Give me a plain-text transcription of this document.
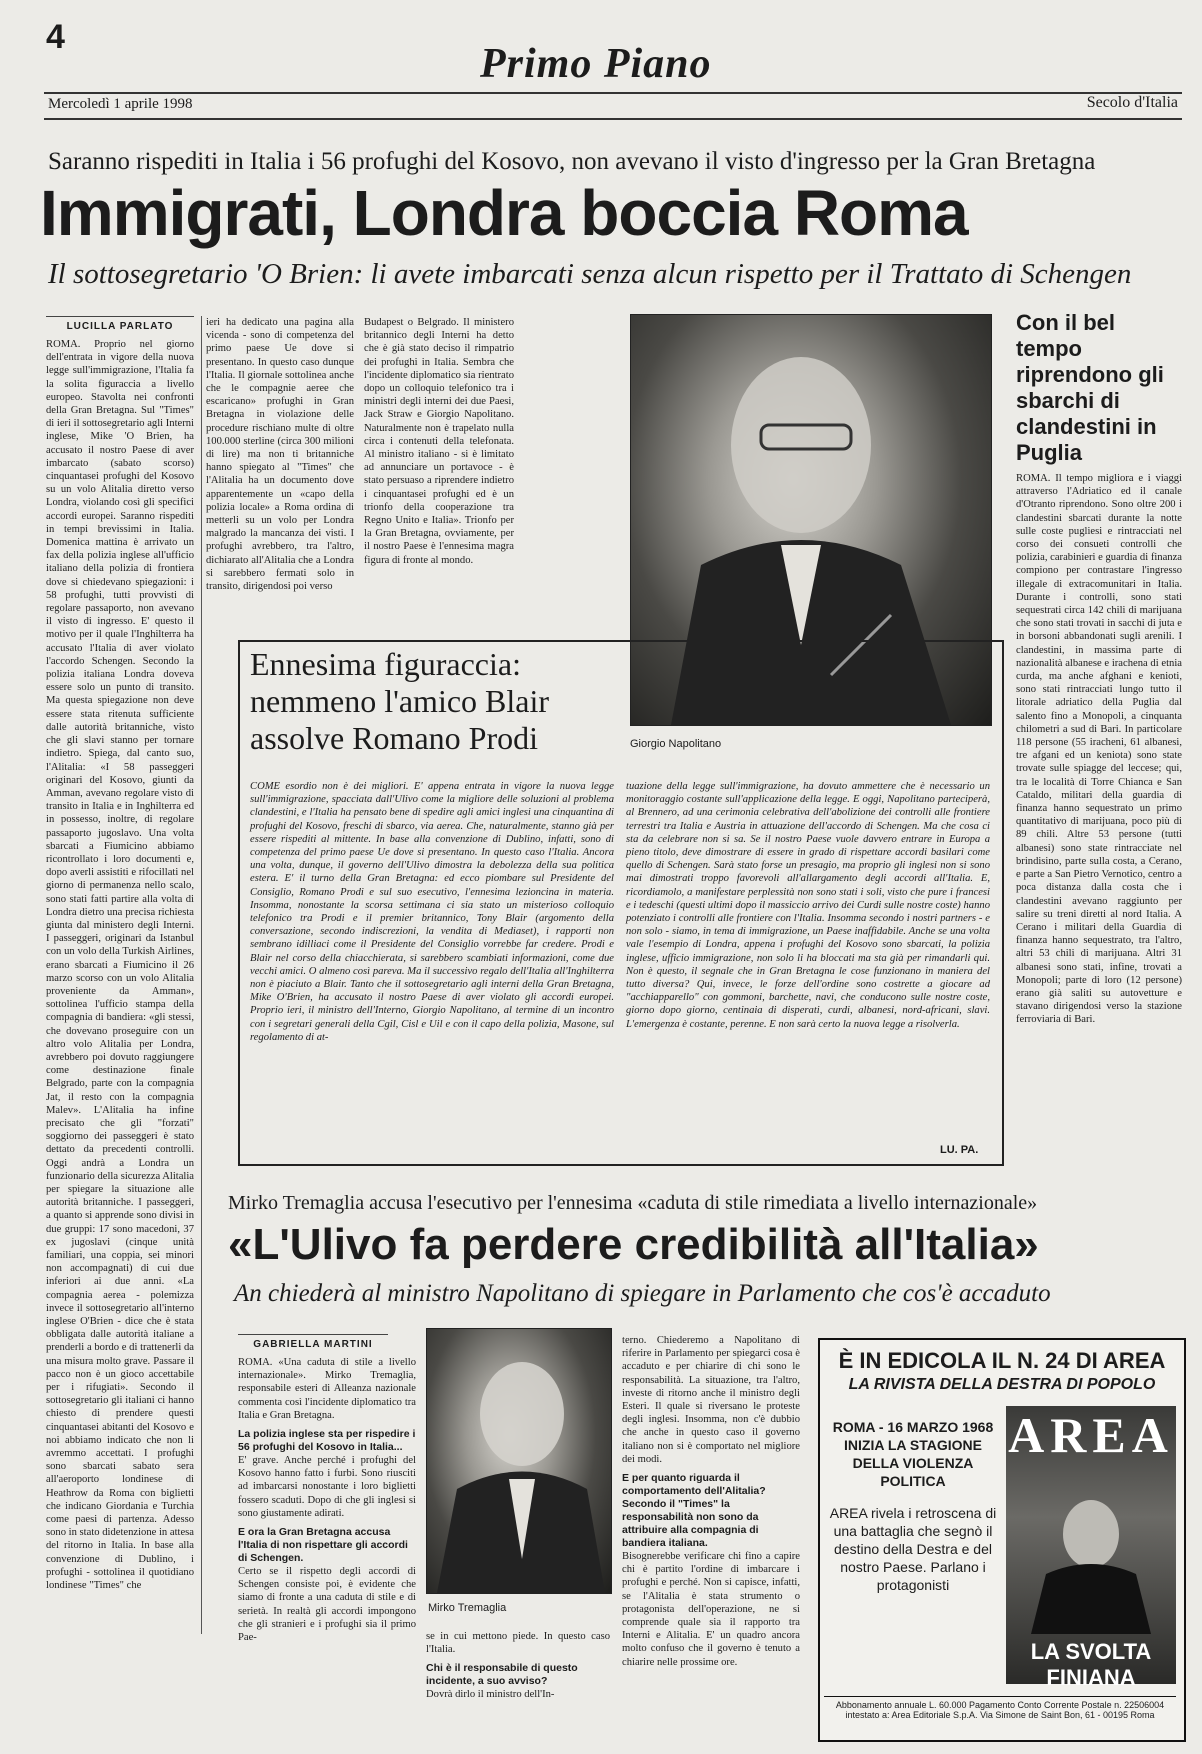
4
Primo Piano
Mercoledì 1 aprile 1998	Secolo d'Italia
Saranno rispediti in Italia i 56 profughi del Kosovo, non avevano il visto d'ingresso per la Gran Bretagna
Immigrati, Londra boccia Roma
Il sottosegretario 'O Brien: li avete imbarcati senza alcun rispetto per il Trattato di Schengen
LUCILLA PARLATO
ROMA. Proprio nel giorno dell'entrata in vigore della nuova legge sull'immigrazione, l'Italia fa la solita figuraccia a livello europeo. Stavolta nei confronti della Gran Bretagna. Sul "Times" di ieri il sottosegretario agli Interni inglese, Mike 'O Brien, ha accusato il nostro Paese di aver imbarcato (sabato scorso) cinquantasei profughi del Kosovo su un volo Alitalia diretto verso Londra, violando così gli specifici accordi europei. Saranno rispediti in tempi brevissimi in Italia. Domenica mattina è arrivato un fax della polizia inglese all'ufficio italiano della polizia di frontiera dove si chiedevano spiegazioni: i 58 profughi, tutti provvisti di regolare passaporto, non avevano il visto di ingresso. E' questo il motivo per il quale l'Inghilterra ha accusato l'Italia di aver violato l'accordo Schengen. Secondo la polizia italiana Londra doveva essere solo un punto di transito. Ma questa spiegazione non deve essere stata ritenuta sufficiente dalle autorità britanniche, visto che gli slavi stanno per tornare indietro. Spiega, dal canto suo, l'Alitalia: «I 58 passeggeri originari del Kosovo, giunti da Amman, avevano regolare visto di transito in Italia e in Inghilterra ed in possesso, inoltre, di regolare passaporto jugoslavo. Una volta sbarcati a Fiumicino abbiamo ricontrollato i loro documenti e, dopo averli assistiti e rifocillati nel giorno di permanenza nello scalo, sono stati fatti partire alla volta di Londra dietro una precisa richiesta giunta dal ministero degli Interni. I passeggeri, originari da Istanbul con un volo della Turkish Airlines, erano sbarcati a Fiumicino il 26 marzo scorso con un volo Alitalia proveniente da Amman», sottolinea l'ufficio stampa della compagnia di bandiera: «gli stessi, che dovevano proseguire con un altro volo Alitalia per Londra, avrebbero poi dovuto raggiungere come destinazione finale Belgrado, parte con la compagnia Jat, il resto con la compagnia Malev». L'Alitalia ha infine precisato che gli "forzati" soggiorno dei passeggeri è stato dettato da precedenti controlli. Oggi andrà a Londra un funzionario della sicurezza Alitalia per spiegare la situazione alle autorità britanniche. I passeggeri, a quanto si apprende sono divisi in due gruppi: 17 sono macedoni, 37 ex jugoslavi (cinque unità familiari, una coppia, sei minori non accompagnati) di cui due inferiori ai due anni. «La compagnia aerea - polemizza invece il sottosegretario all'interno inglese O'Brien - dice che è stata obbligata dalle autorità italiane a prenderli a bordo e di trattenerli da una misura molto grave. Passare il pacco non è un gioco accettabile per i rifugiati». Secondo il sottosegretario gli italiani ci hanno chiesto di prendere questi cinquantasei abitanti del Kosovo e noi abbiamo indicato che non li avremmo accettati. I profughi sono sbarcati sabato sera all'aeroporto londinese di Heathrow da Roma con biglietti che indicano Giordania e Turchia come paesi di partenza. Adesso sono in stato didetenzione in attesa del ritorno in Italia. In base alla convenzione di Dublino, i profughi - sottolinea il quotidiano londinese "Times" che
ieri ha dedicato una pagina alla vicenda - sono di competenza del primo paese Ue dove si presentano. In questo caso dunque l'Italia. Il giornale sottolinea anche che le compagnie aeree che escaricano» profughi in Gran Bretagna in violazione delle procedure rischiano multe di oltre 100.000 sterline (circa 300 milioni di lire) ma non ti britanniche hanno spiegato al "Times" che l'Alitalia ha un documento dove apparentemente un «capo della polizia locale» a Roma ordina di metterli su un volo per Londra malgrado la mancanza dei visti. I profughi avrebbero, tra l'altro, dichiarato all'Alitalia che a Londra si sarebbero fermati solo in transito, dirigendosi poi verso
Budapest o Belgrado. Il ministero britannico degli Interni ha detto che è già stato deciso il rimpatrio dei profughi in Italia. Sembra che l'incidente diplomatico sia rientrato dopo un colloquio telefonico tra i ministri degli interni dei due Paesi, Jack Straw e Giorgio Napolitano. Naturalmente non è trapelato nulla circa i contenuti della telefonata. Al ministro italiano - si è limitato ad annunciare un portavoce - è stato persuaso a riprendere indietro i cinquantasei profughi ed è un trionfo della cooperazione tra Regno Unito e Italia». Trionfo per la Gran Bretagna, ovviamente, per il nostro Paese è l'ennesima magra figura di fronte al mondo.
Giorgio Napolitano
Con il bel tempo riprendono gli sbarchi di clandestini in Puglia
ROMA. Il tempo migliora e i viaggi attraverso l'Adriatico ed il canale d'Otranto riprendono. Sono oltre 200 i clandestini sbarcati durante la notte sulle coste pugliesi e rintracciati nel corso dei consueti controlli che polizia, carabinieri e guardia di finanza compiono per contrastare l'ingresso illegale di extracomunitari in Italia. Durante i controlli, sono stati sequestrati circa 142 chili di marijuana che sono stati trovati in sacchi di juta e in borsoni abbandonati sugli arenili. I clandestini, in massima parte di nazionalità albanese e irachena di etnia curda, ma anche afghani e kenioti, sono stati rintracciati lungo tutto il litorale adriatico della Puglia dal salento fino a Monopoli, a cinquanta chilometri a sud di Bari. In particolare 118 persone (55 iracheni, 61 albanesi, tre afgani ed un keniota) sono state trovate sulle spiagge del leccese; qui, tra le località di Torre Chianca e San Cataldo, militari della guardia di finanza hanno sequestrato un primo quantitativo di marijuana, poco più di 89 chili. Altre 53 persone (tutti albanesi) sono state rintracciate nel brindisino, parte sulla costa, a Cerano, e parte a San Pietro Vernotico, centro a poca distanza dalla costa che i clandestini avevano raggiunto per salire su treni diretti al nord Italia. A Cerano i militari della Guardia di finanza hanno sequestrato, tra l'altro, altri 53 chili di marijuana. Altri 31 albanesi sono stati, infine, trovati a Monopoli; parte di loro (12 persone) erano già saliti su autovetture e stavano dirigendosi verso la stazione ferroviaria di Bari.
Ennesima figuraccia: nemmeno l'amico Blair assolve Romano Prodi
COME esordio non è dei migliori. E' appena entrata in vigore la nuova legge sull'immigrazione, spacciata dall'Ulivo come la migliore delle soluzioni al problema clandestini, e l'Italia ha pensato bene di spedire agli amici inglesi una cinquantina di profughi del Kosovo, freschi di sbarco, via aerea. Che, naturalmente, stanno già per essere rispediti al mittente. In base alla convenzione di Dublino, infatti, sono di competenza del primo paese Ue dove si presentano. In questo caso l'Italia. Ancora una volta, dunque, il governo dell'Ulivo dimostra la debolezza della sua politica estera. E' il turno della Gran Bretagna: ed ecco piombare sul Presidente del Consiglio, Romano Prodi e sul suo esecutivo, l'ennesima lezioncina in materia. Insomma, nonostante la scorsa settimana ci sia stato un misterioso colloquio telefonico tra Prodi e il premier britannico, Tony Blair (argomento della conversazione, secondo indiscrezioni, la vendita di Mediaset), i rapporti non sembrano idilliaci come il Presidente del Consiglio vorrebbe far credere. Prodi e Blair nel corso della chiacchierata, si sarebbero scambiati informazioni, come due vecchi amici. O almeno così pareva. Ma il successivo regalo dell'Italia all'Inghilterra non è piaciuto a Blair. Tanto che il sottosegretario agli interni della Gran Bretagna, Mike O'Brien, ha accusato il nostro Paese di aver violato gli accordi europei. Proprio ieri, il ministro dell'Interno, Giorgio Napolitano, al termine di un incontro con i segretari generali della Cgil, Cisl e Uil e con il capo della polizia, Masone, sul regolamento di at-
tuazione della legge sull'immigrazione, ha dovuto ammettere che è necessario un monitoraggio costante sull'applicazione della legge. E oggi, Napolitano parteciperà, al Brennero, ad una cerimonia celebrativa dell'abolizione dei controlli alle frontiere terrestri tra Italia e Austria in attuazione dell'accordo di Schengen. Ma che cosa ci sta da celebrare non si sa. Se il nostro Paese vuole davvero entrare in Europa a pieno titolo, deve dimostrare di essere in grado di rispettare accordi basilari come quello di Schengen. Sarà stato forse un presagio, ma proprio gli inglesi non si sono mai dimostrati troppo favorevoli all'allargamento degli accordi all'Italia. E, ricordiamolo, a manifestare perplessità non sono stati i soli, visto che pure i francesi e i tedeschi (questi ultimi dopo il massiccio arrivo dei Curdi sulle nostre coste) hanno potenziato i controlli alle frontiere con l'Italia. Insomma secondo i nostri partners - e non solo - siamo, in tema di immigrazione, un Paese inaffidabile. Anche se una volta vale l'esempio di Londra, appena i profughi del Kosovo sono sbarcati, la polizia inglese, ufficio immigrazione, non solo li ha bloccati ma sta già per rimandarli qui. Non è questo, il segnale che in Gran Bretagna le cose funzionano in maniera del tutto diversa? Qui, invece, le forze dell'ordine sono costrette a giocare ad "acchiapparello" con gommoni, barchette, navi, che conducono sulle nostre coste, giorno dopo giorno, centinaia di disperati, curdi, albanesi, nord-africani, slavi. L'emergenza è costante, perenne. E non sarà certo la nuova legge a risolverla.
LU. PA.
Mirko Tremaglia accusa l'esecutivo per l'ennesima «caduta di stile rimediata a livello internazionale»
«L'Ulivo fa perdere credibilità all'Italia»
An chiederà al ministro Napolitano di spiegare in Parlamento che cos'è accaduto
GABRIELLA MARTINI
ROMA. «Una caduta di stile a livello internazionale». Mirko Tremaglia, responsabile esteri di Alleanza nazionale commenta così l'incidente diplomatico tra Italia e Gran Bretagna.
La polizia inglese sta per rispedire i 56 profughi del Kosovo in Italia...
E' grave. Anche perché i profughi del Kosovo hanno fatto i furbi. Sono riusciti ad imbarcarsi nonostante i loro biglietti fossero scaduti. Dopo di che gli inglesi si sono giustamente adirati.
E ora la Gran Bretagna accusa l'Italia di non rispettare gli accordi di Schengen.
Certo se il rispetto degli accordi di Schengen consiste poi, è evidente che siamo di fronte a una caduta di stile e di serietà. In realtà gli accordi impongono che gli stranieri e i profughi sia il primo Pae-
Mirko Tremaglia
se in cui mettono piede. In questo caso l'Italia.
Chi è il responsabile di questo incidente, a suo avviso?
Dovrà dirlo il ministro dell'In-
terno. Chiederemo a Napolitano di riferire in Parlamento per spiegarci cosa è accaduto e per chiarire di chi sono le responsabilità. La situazione, tra l'altro, investe di ritorno anche il ministro degli Esteri. Il quale si riversano le proteste degli inglesi. Insomma, non c'è dubbio che anche in questo caso il governo italiano non si è comportato nel migliore dei modi.
E per quanto riguarda il comportamento dell'Alitalia? Secondo il "Times" la responsabilità non sono da attribuire alla compagnia di bandiera italiana.
Bisognerebbe verificare chi fino a capire chi è partito l'ordine di imbarcare i profughi e perché. Non si capisce, infatti, se l'Alitalia è stata strumento o protagonista dell'operazione, ne si comprende quale sia il rapporto tra Interni e Alitalia. E' un quadro ancora molto confuso che il governo è tenuto a chiarire nelle prossime ore.
È IN EDICOLA IL N. 24 DI AREA
LA RIVISTA DELLA DESTRA DI POPOLO
ROMA - 16 MARZO 1968 INIZIA LA STAGIONE DELLA VIOLENZA POLITICA
AREA rivela i retroscena di una battaglia che segnò il destino della Destra e del nostro Paese. Parlano i protagonisti
AREA
LA SVOLTA FINIANA
Abbonamento annuale L. 60.000 Pagamento Conto Corrente Postale n. 22506004
intestato a: Area Editoriale S.p.A. Via Simone de Saint Bon, 61 - 00195 Roma
